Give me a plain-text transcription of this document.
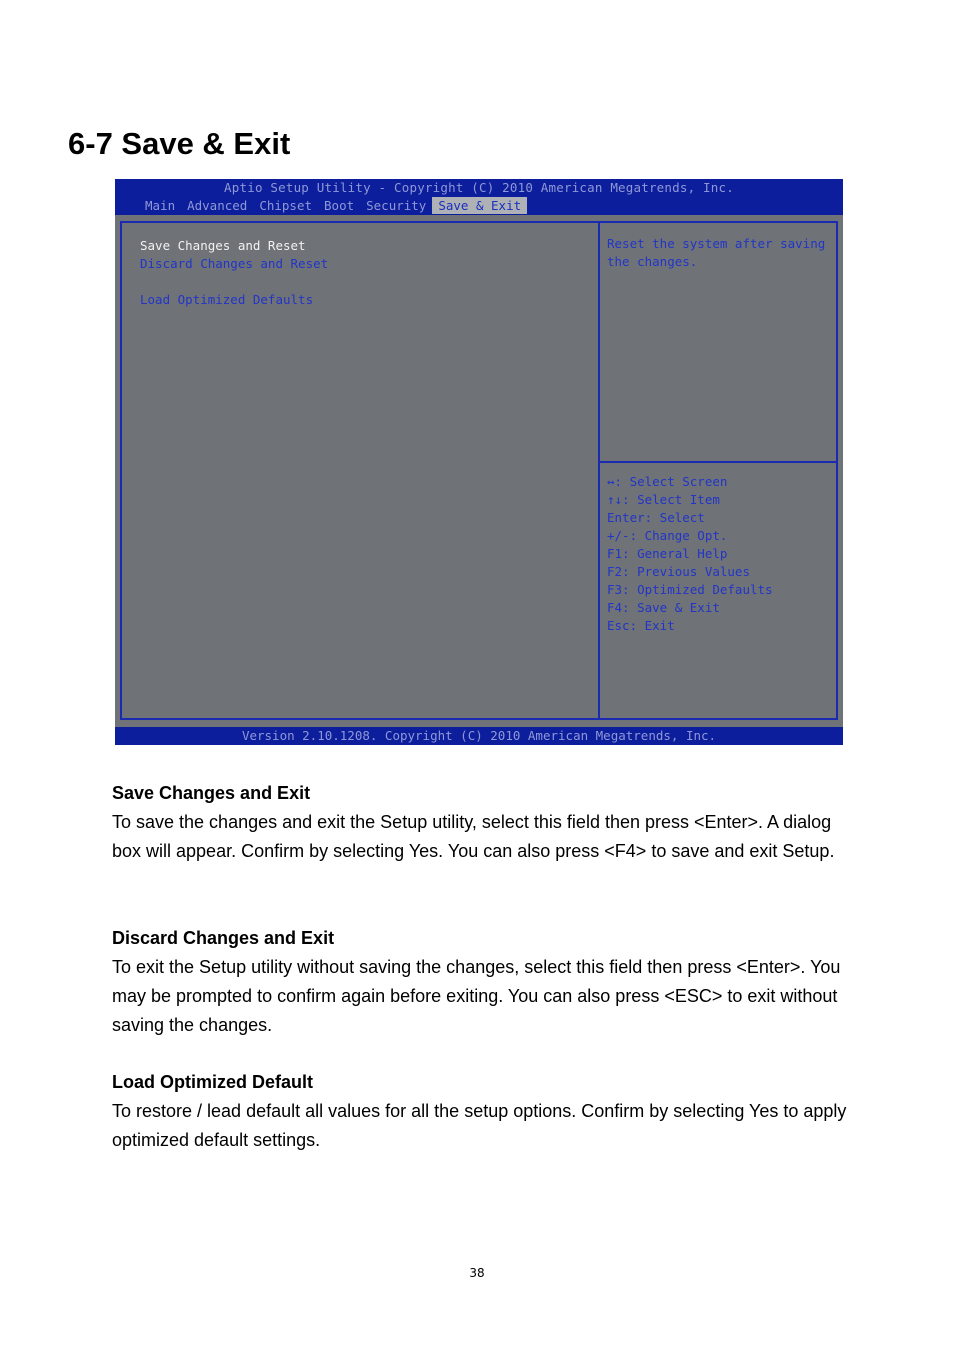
6-7 Save & Exit
Aptio Setup Utility - Copyright (C) 2010 American Megatrends, Inc.
Main Advanced Chipset Boot Security Save & Exit
Save Changes and Reset
Discard Changes and Reset
Load Optimized Defaults
Reset the system after saving
the changes.
↔: Select Screen
↑↓: Select Item
Enter: Select
+/-: Change Opt.
F1: General Help
F2: Previous Values
F3: Optimized Defaults
F4: Save & Exit
Esc: Exit
Version 2.10.1208. Copyright (C) 2010 American Megatrends, Inc.
Save Changes and Exit

To save the changes and exit the Setup utility, select this field then press <Enter>. A dialog box will appear. Confirm by selecting Yes. You can also press <F4> to save and exit Setup.

Discard Changes and Exit

To exit the Setup utility without saving the changes, select this field then press <Enter>. You may be prompted to confirm again before exiting. You can also press <ESC> to exit without saving the changes.

Load Optimized Default

To restore / lead default all values for all the setup options. Confirm by selecting Yes to apply optimized default settings.

38
